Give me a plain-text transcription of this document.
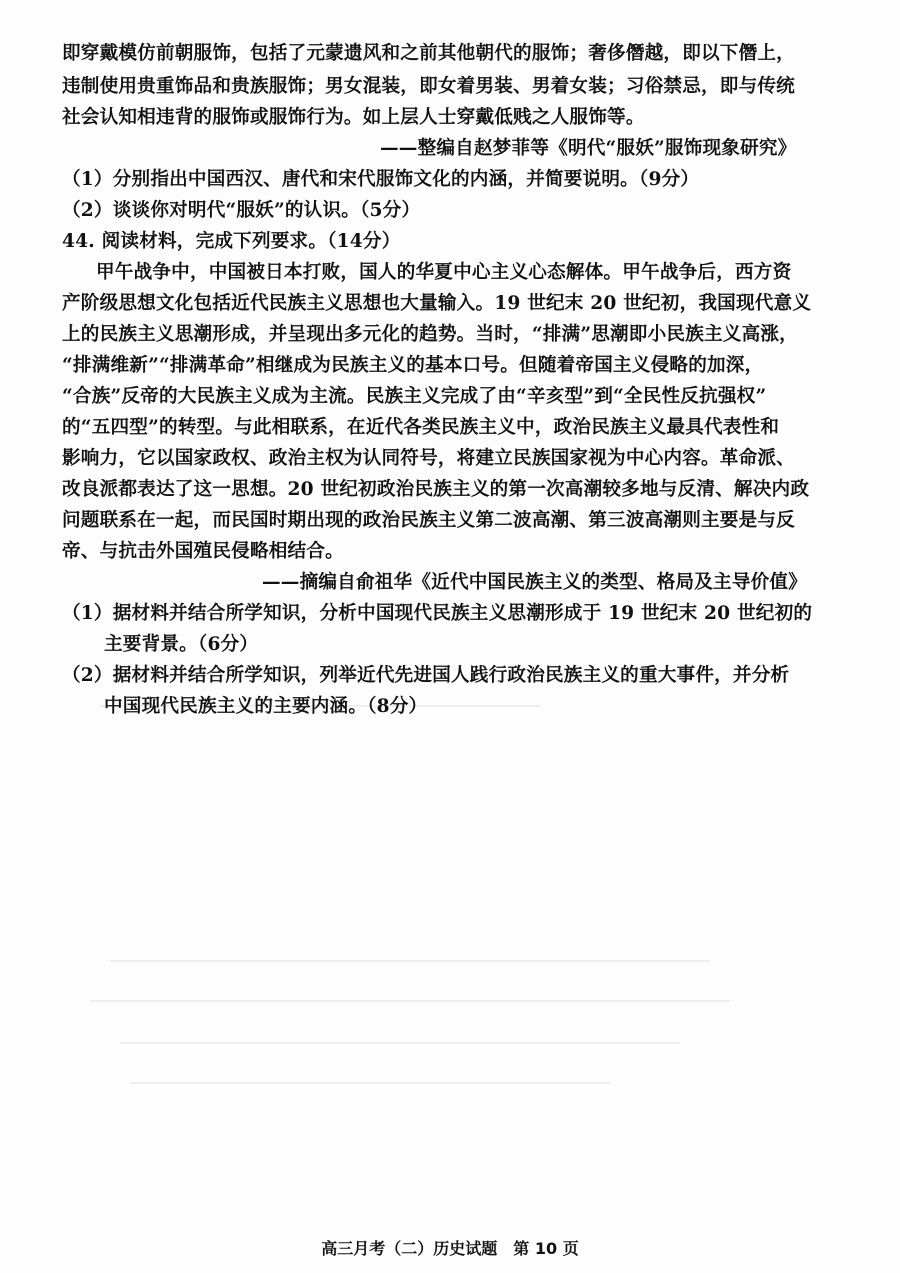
即穿戴模仿前朝服饰，包括了元蒙遗风和之前其他朝代的服饰；奢侈僭越，即以下僭上，
违制使用贵重饰品和贵族服饰；男女混装，即女着男装、男着女装；习俗禁忌，即与传统
社会认知相违背的服饰或服饰行为。如上层人士穿戴低贱之人服饰等。
——整编自赵梦菲等《明代“服妖”服饰现象研究》
（1）分别指出中国西汉、唐代和宋代服饰文化的内涵，并简要说明。（9分）
（2）谈谈你对明代“服妖”的认识。（5分）
44. 阅读材料，完成下列要求。（14分）
甲午战争中，中国被日本打败，国人的华夏中心主义心态解体。甲午战争后，西方资
产阶级思想文化包括近代民族主义思想也大量输入。19 世纪末 20 世纪初，我国现代意义
上的民族主义思潮形成，并呈现出多元化的趋势。当时，“排满”思潮即小民族主义高涨，
“排满维新”“排满革命”相继成为民族主义的基本口号。但随着帝国主义侵略的加深，
“合族”反帝的大民族主义成为主流。民族主义完成了由“辛亥型”到“全民性反抗强权”
的“五四型”的转型。与此相联系，在近代各类民族主义中，政治民族主义最具代表性和
影响力，它以国家政权、政治主权为认同符号，将建立民族国家视为中心内容。革命派、
改良派都表达了这一思想。20 世纪初政治民族主义的第一次高潮较多地与反清、解决内政
问题联系在一起，而民国时期出现的政治民族主义第二波高潮、第三波高潮则主要是与反
帝、与抗击外国殖民侵略相结合。
——摘编自俞祖华《近代中国民族主义的类型、格局及主导价值》
（1）据材料并结合所学知识，分析中国现代民族主义思潮形成于 19 世纪末 20 世纪初的
主要背景。（6分）
（2）据材料并结合所学知识，列举近代先进国人践行政治民族主义的重大事件，并分析
中国现代民族主义的主要内涵。（8分）
高三月考（二）历史试题　第 10 页
